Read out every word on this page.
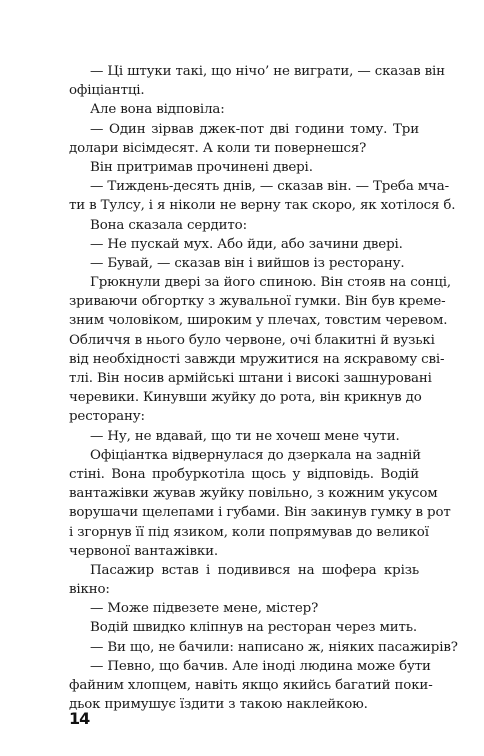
— Ці штуки такі, що нічо’ не виграти, — сказав він
офіціантці.
Але вона відповіла:
— Один зірвав джек-пот дві години тому. Три
долари вісімдесят. А коли ти повернешся?
Він притримав прочинені двері.
— Тиждень-десять днів, — сказав він. — Треба мча-
ти в Тулсу, і я ніколи не верну так скоро, як хотілося б.
Вона сказала сердито:
— Не пускай мух. Або йди, або зачини двері.
— Бувай, — сказав він і вийшов із ресторану.
Грюкнули двері за його спиною. Він стояв на сонці,
зриваючи обгортку з жувальної гумки. Він був креме-
зним чоловіком, широким у плечах, товстим черевом.
Обличчя в нього було червоне, очі блакитні й вузькі
від необхідності завжди мружитися на яскравому сві-
тлі. Він носив армійські штани і високі зашнуровані
черевики. Кинувши жуйку до рота, він крикнув до
ресторану:
— Ну, не вдавай, що ти не хочеш мене чути.
Офіціантка відвернулася до дзеркала на задній
стіні. Вона пробуркотіла щось у відповідь. Водій
вантажівки жував жуйку повільно, з кожним укусом
ворушачи щелепами і губами. Він закинув гумку в рот
і згорнув її під язиком, коли попрямував до великої
червоної вантажівки.
Пасажир встав і подивився на шофера крізь
вікно:
— Може підвезете мене, містер?
Водій швидко кліпнув на ресторан через мить.
— Ви що, не бачили: написано ж, ніяких пасажирів?
— Певно, що бачив. Але іноді людина може бути
файним хлопцем, навіть якщо якийсь багатий поки-
дьок примушує їздити з такою наклейкою.
14
